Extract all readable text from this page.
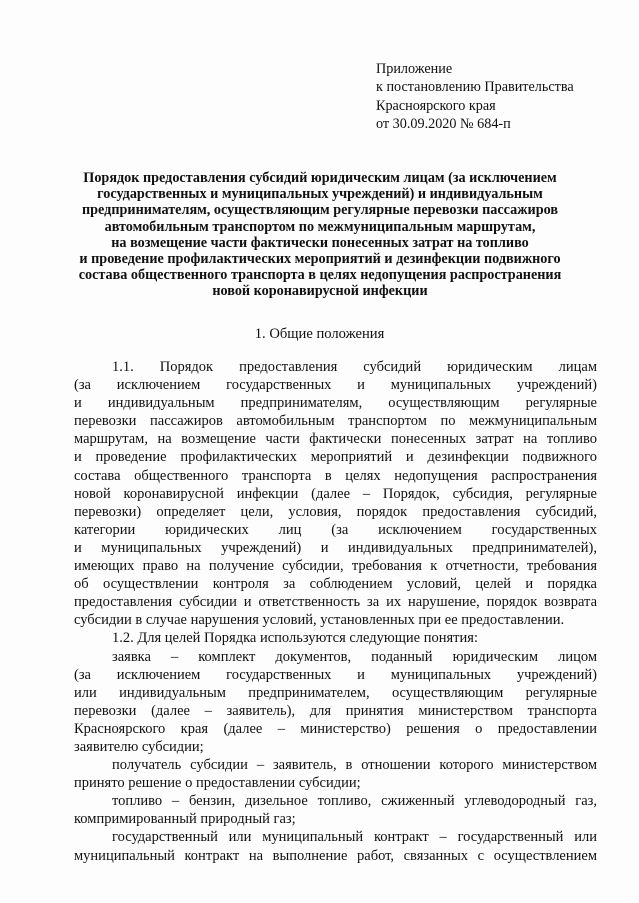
Приложение
к постановлению Правительства
Красноярского края
от 30.09.2020 № 684-п
Порядок предоставления субсидий юридическим лицам (за исключением
государственных и муниципальных учреждений) и индивидуальным
предпринимателям, осуществляющим регулярные перевозки пассажиров
автомобильным транспортом по межмуниципальным маршрутам,
на возмещение части фактически понесенных затрат на топливо
и проведение профилактических мероприятий и дезинфекции подвижного
состава общественного транспорта в целях недопущения распространения
новой коронавирусной инфекции
1. Общие положения
1.1. Порядок предоставления субсидий юридическим лицам
(за исключением государственных и муниципальных учреждений)
и индивидуальным предпринимателям, осуществляющим регулярные
перевозки пассажиров автомобильным транспортом по межмуниципальным
маршрутам, на возмещение части фактически понесенных затрат на топливо
и проведение профилактических мероприятий и дезинфекции подвижного
состава общественного транспорта в целях недопущения распространения
новой коронавирусной инфекции (далее – Порядок, субсидия, регулярные
перевозки) определяет цели, условия, порядок предоставления субсидий,
категории юридических лиц (за исключением государственных
и муниципальных учреждений) и индивидуальных предпринимателей),
имеющих право на получение субсидии, требования к отчетности, требования
об осуществлении контроля за соблюдением условий, целей и порядка
предоставления субсидии и ответственность за их нарушение, порядок возврата
субсидии в случае нарушения условий, установленных при ее предоставлении.
1.2. Для целей Порядка используются следующие понятия:
заявка – комплект документов, поданный юридическим лицом
(за исключением государственных и муниципальных учреждений)
или индивидуальным предпринимателем, осуществляющим регулярные
перевозки (далее – заявитель), для принятия министерством транспорта
Красноярского края (далее – министерство) решения о предоставлении
заявителю субсидии;
получатель субсидии – заявитель, в отношении которого министерством
принято решение о предоставлении субсидии;
топливо – бензин, дизельное топливо, сжиженный углеводородный газ,
компримированный природный газ;
государственный или муниципальный контракт – государственный или
муниципальный контракт на выполнение работ, связанных с осуществлением
